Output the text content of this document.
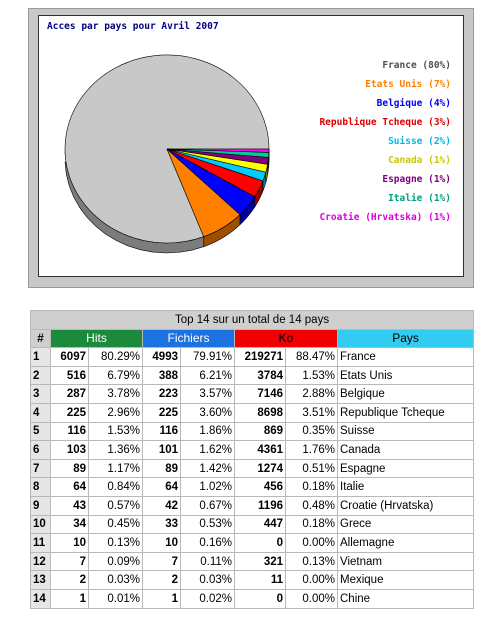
Acces par pays pour Avril 2007
France (80%)
Etats Unis (7%)
Belgique (4%)
Republique Tcheque (3%)
Suisse (2%)
Canada (1%)
Espagne (1%)
Italie (1%)
Croatie (Hrvatska) (1%)
Top 14 sur un total de 14 pays							
#	Hits		Fichiers		Ko		Pays
1	6097	80.29%	4993	79.91%	219271	88.47%	France
2	516	6.79%	388	6.21%	3784	1.53%	Etats Unis
3	287	3.78%	223	3.57%	7146	2.88%	Belgique
4	225	2.96%	225	3.60%	8698	3.51%	Republique Tcheque
5	116	1.53%	116	1.86%	869	0.35%	Suisse
6	103	1.36%	101	1.62%	4361	1.76%	Canada
7	89	1.17%	89	1.42%	1274	0.51%	Espagne
8	64	0.84%	64	1.02%	456	0.18%	Italie
9	43	0.57%	42	0.67%	1196	0.48%	Croatie (Hrvatska)
10	34	0.45%	33	0.53%	447	0.18%	Grece
11	10	0.13%	10	0.16%	0	0.00%	Allemagne
12	7	0.09%	7	0.11%	321	0.13%	Vietnam
13	2	0.03%	2	0.03%	11	0.00%	Mexique
14	1	0.01%	1	0.02%	0	0.00%	Chine
